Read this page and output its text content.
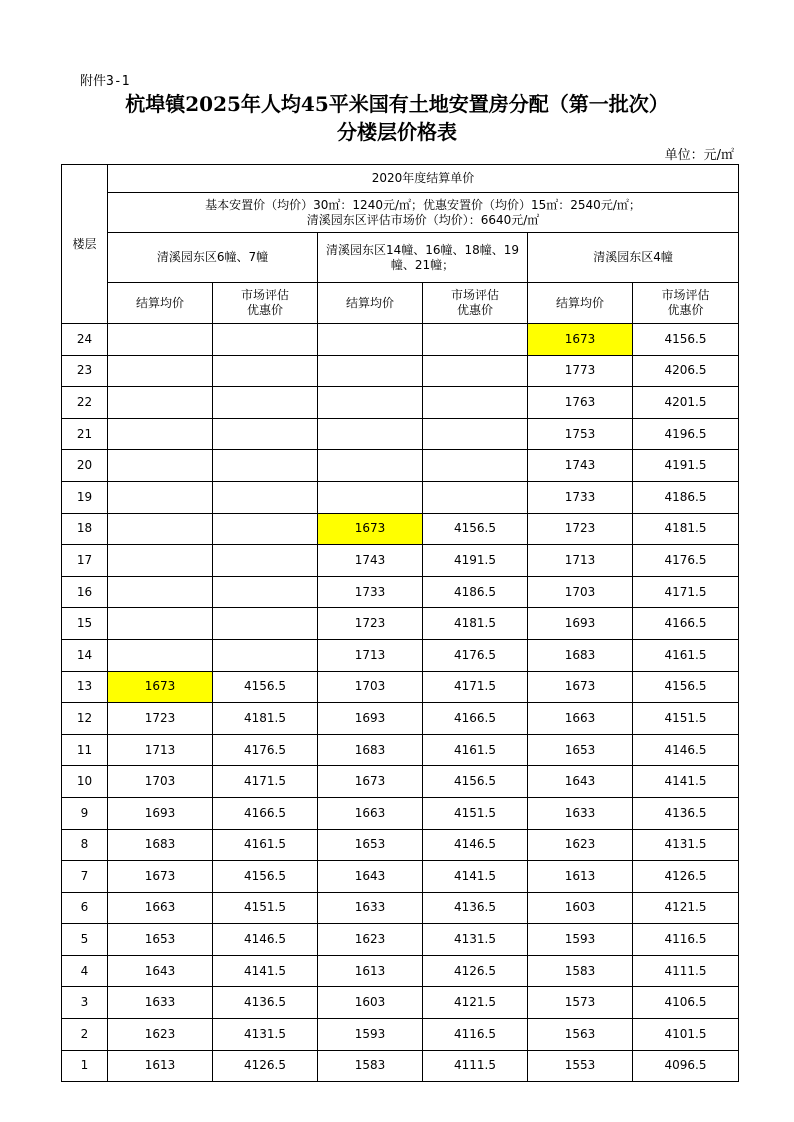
附件3-1
杭埠镇2025年人均45平米国有土地安置房分配（第一批次）
分楼层价格表
单位：元/㎡
楼层	2020年度结算单价					

	基本安置价（均价）30㎡：1240元/㎡；优惠安置价（均价）15㎡：2540元/㎡；
清溪园东区评估市场价（均价）：6640元/㎡					

	清溪园东区6幢、7幢		清溪园东区14幢、16幢、18幢、19幢、21幢；		清溪园东区4幢	
	结算均价	市场评估优惠价	结算均价	市场评估优惠价	结算均价	市场评估优惠价

24					1673	4156.5
23					1773	4206.5
22					1763	4201.5
21					1753	4196.5
20					1743	4191.5
19					1733	4186.5
18			1673	4156.5	1723	4181.5
17			1743	4191.5	1713	4176.5
16			1733	4186.5	1703	4171.5
15			1723	4181.5	1693	4166.5
14			1713	4176.5	1683	4161.5
13	1673	4156.5	1703	4171.5	1673	4156.5
12	1723	4181.5	1693	4166.5	1663	4151.5
11	1713	4176.5	1683	4161.5	1653	4146.5
10	1703	4171.5	1673	4156.5	1643	4141.5
9	1693	4166.5	1663	4151.5	1633	4136.5
8	1683	4161.5	1653	4146.5	1623	4131.5
7	1673	4156.5	1643	4141.5	1613	4126.5
6	1663	4151.5	1633	4136.5	1603	4121.5
5	1653	4146.5	1623	4131.5	1593	4116.5
4	1643	4141.5	1613	4126.5	1583	4111.5
3	1633	4136.5	1603	4121.5	1573	4106.5
2	1623	4131.5	1593	4116.5	1563	4101.5
1	1613	4126.5	1583	4111.5	1553	4096.5
